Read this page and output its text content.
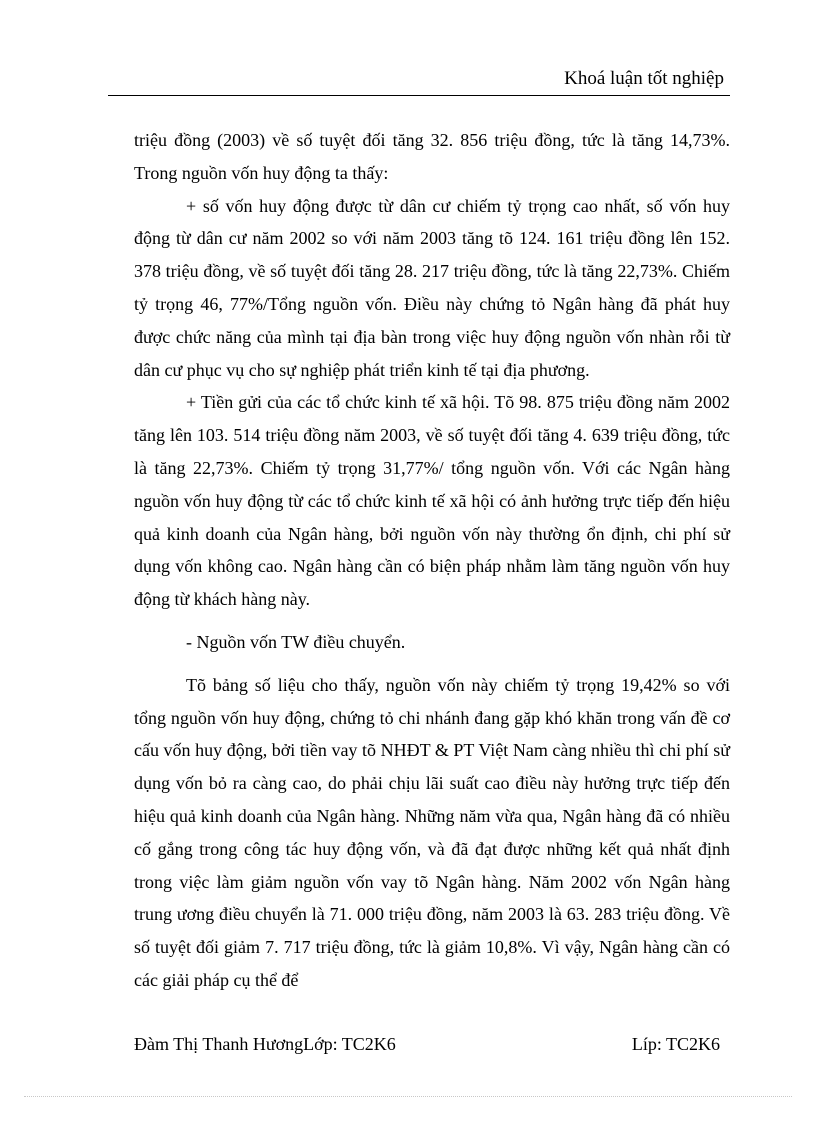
Khoá luận tốt nghiệp

triệu đồng (2003) về số tuyệt đối tăng 32. 856 triệu đồng, tức là tăng 14,73%. Trong nguồn vốn huy động ta thấy:

+ số vốn huy động được từ dân cư chiếm tỷ trọng cao nhất, số vốn huy động từ dân cư năm 2002 so với năm 2003 tăng tõ 124. 161 triệu đồng lên 152. 378 triệu đồng, về số tuyệt đối tăng 28. 217 triệu đồng, tức là tăng 22,73%. Chiếm tỷ trọng 46, 77%/Tổng nguồn vốn. Điều này chứng tỏ Ngân hàng đã phát huy được chức năng của mình tại địa bàn trong việc huy động nguồn vốn nhàn rỗi từ dân cư phục vụ cho sự nghiệp phát triển kinh tế tại địa phương.

+ Tiền gửi của các tổ chức kinh tế xã hội. Tõ 98. 875 triệu đồng năm 2002 tăng lên 103. 514 triệu đồng năm 2003, về số tuyệt đối tăng 4. 639 triệu đồng, tức là tăng 22,73%. Chiếm tỷ trọng 31,77%/ tổng nguồn vốn. Với các Ngân hàng nguồn vốn huy động từ các tổ chức kinh tế xã hội có ảnh hưởng trực tiếp đến hiệu quả kinh doanh của Ngân hàng, bởi nguồn vốn này thường ổn định, chi phí sử dụng vốn không cao. Ngân hàng cần có biện pháp nhằm làm tăng nguồn vốn huy động từ khách hàng này.

- Nguồn vốn TW điều chuyển.

Tõ bảng số liệu cho thấy, nguồn vốn này chiếm tỷ trọng 19,42% so với tổng nguồn vốn huy động, chứng tỏ chi nhánh đang gặp khó khăn trong vấn đề cơ cấu vốn huy động, bởi tiền vay tõ NHĐT & PT Việt Nam càng nhiều thì chi phí sử dụng vốn bỏ ra càng cao, do phải chịu lãi suất cao điều này hưởng trực tiếp đến hiệu quả kinh doanh của Ngân hàng. Những năm vừa qua, Ngân hàng đã có nhiều cố gắng trong công tác huy động vốn, và đã đạt được những kết quả nhất định trong việc làm giảm nguồn vốn vay tõ Ngân hàng. Năm 2002 vốn Ngân hàng trung ương điều chuyển là 71. 000 triệu đồng, năm 2003 là 63. 283 triệu đồng. Về số tuyệt đối giảm 7. 717 triệu đồng, tức là giảm 10,8%. Vì vậy, Ngân hàng cần có các giải pháp cụ thể để

Đàm Thị Thanh HươngLớp: TC2K6	Líp: TC2K6
